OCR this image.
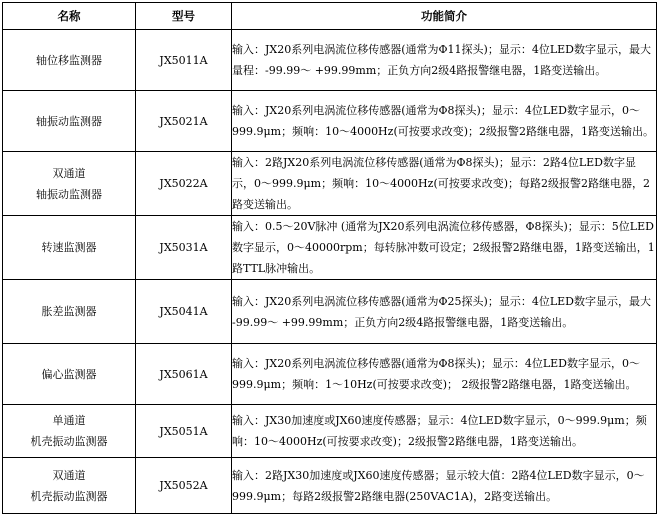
名称	型号	功能简介
轴位移监测器	JX5011A	输入：JX20系列电涡流位移传感器(通常为Φ11探头)；显示：4位LED数字显示，最大量程：-99.99～ +99.99mm；正负方向2级4路报警继电器，1路变送输出。
轴振动监测器	JX5021A	输入：JX20系列电涡流位移传感器(通常为Φ8探头)；显示：4位LED数字显示，0～999.9μm；频响：10～4000Hz(可按要求改变)；2级报警2路继电器，1路变送输出。

双通道
轴振动监测器	JX5022A	输入：2路JX20系列电涡流位移传感器(通常为Φ8探头)；显示：2路4位LED数字显示，0～999.9μm；频响：10～4000Hz(可按要求改变)；每路2级报警2路继电器，2路变送输出。
转速监测器	JX5031A	输入：0.5～20V脉冲 (通常为JX20系列电涡流位移传感器，Φ8探头)；显示：5位LED数字显示，0～40000rpm；每转脉冲数可设定；2级报警2路继电器，1路变送输出，1路TTL脉冲输出。
胀差监测器	JX5041A	输入：JX20系列电涡流位移传感器(通常为Φ25探头)；显示：4位LED数字显示，最大 -99.99～ +99.99mm；正负方向2级4路报警继电器，1路变送输出。
偏心监测器	JX5061A	输入：JX20系列电涡流位移传感器(通常为Φ8探头)；显示：4位LED数字显示，0～999.9μm；频响：1～10Hz(可按要求改变)； 2级报警2路继电器，1路变送输出。

单通道
机壳振动监测器	JX5051A	输入：JX30加速度或JX60速度传感器；显示：4位LED数字显示，0～999.9μm；频响：10～4000Hz(可按要求改变)；2级报警2路继电器，1路变送输出。

双通道
机壳振动监测器	JX5052A	输入：2路JX30加速度或JX60速度传感器；显示较大值：2路4位LED数字显示，0～999.9μm；每路2级报警2路继电器(250VAC1A)，2路变送输出。
